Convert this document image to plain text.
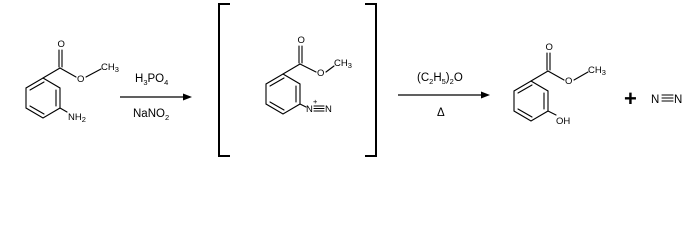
O
O
$CH_3$
$NH_2$
$H_3PO_4$
NaNO$_2$
O
O
$CH_3$
N
+
N
$(C_2H_5)_2O$
Δ
O
O
$CH_3$
OH
+ N N
